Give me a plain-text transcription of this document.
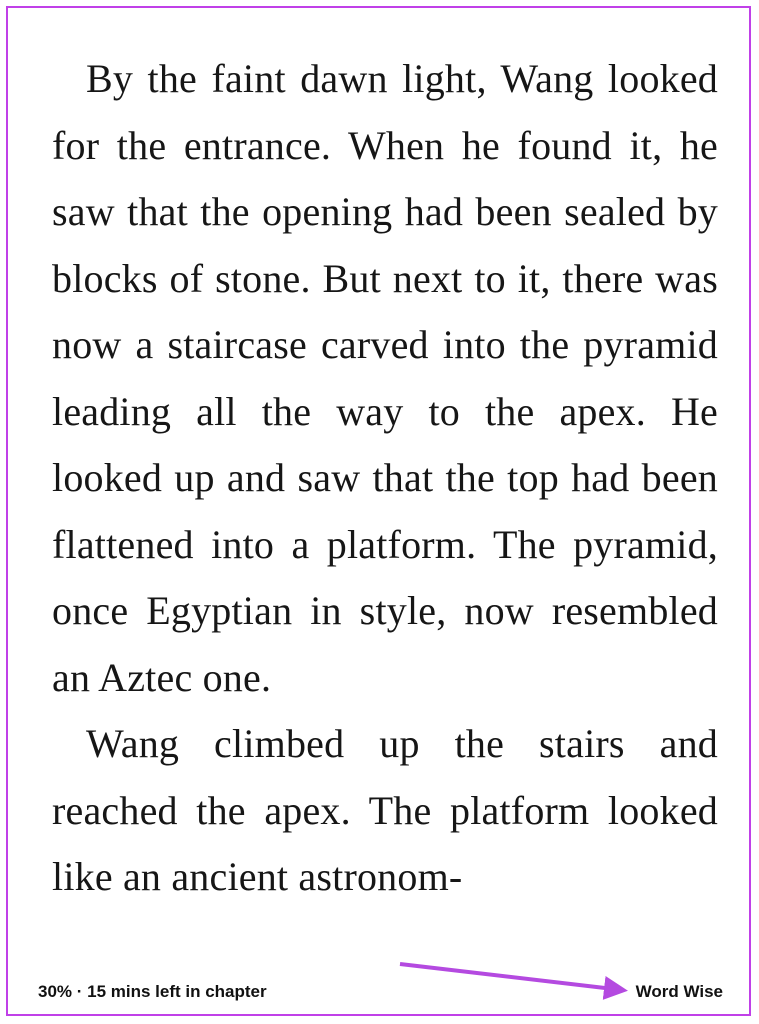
By the faint dawn light, Wang looked for the entrance. When he found it, he saw that the opening had been sealed by blocks of stone. But next to it, there was now a staircase carved into the pyramid leading all the way to the apex. He looked up and saw that the top had been flattened into a platform. The pyramid, once Egyptian in style, now resembled an Aztec one.

Wang climbed up the stairs and reached the apex. The platform looked like an ancient astronom-

30% · 15 mins left in chapter	Word Wise
